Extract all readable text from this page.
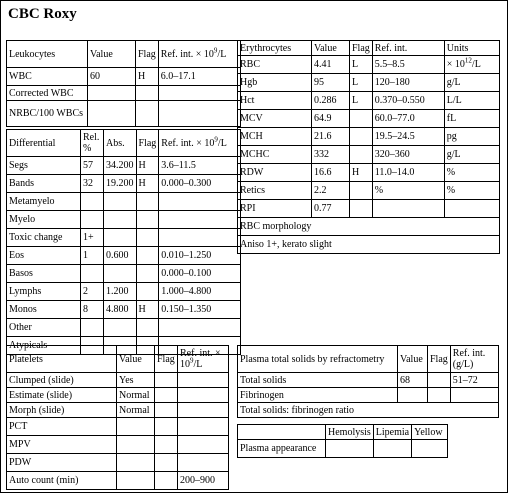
CBC Roxy
Leukocytes	Value	Flag	Ref. int. × $10^9/L$
WBC	60	H	6.0–17.1
Corrected WBC			
NRBC/100 WBCs			
Differential	Rel. %	Abs.	Flag	Ref. int. × $10^9/L$
Segs	57	34.200	H	3.6–11.5
Bands	32	19.200	H	0.000–0.300
Metamyelo				
Myelo				
Toxic change	1+			
Eos	1	0.600		0.010–1.250
Basos				0.000–0.100
Lymphs	2	1.200		1.000–4.800
Monos	8	4.800	H	0.150–1.350
Other				
Atypicals				
Erythrocytes	Value	Flag	Ref. int.	Units
RBC	4.41	L	5.5–8.5	× $10^{12}/L$
Hgb	95	L	120–180	g/L
Hct	0.286	L	0.370–0.550	L/L
MCV	64.9		60.0–77.0	fL
MCH	21.6		19.5–24.5	pg
MCHC	332		320–360	g/L
RDW	16.6	H	11.0–14.0	%
Retics	2.2		%	%
RPI	0.77			
RBC morphology				
Aniso 1+, kerato slight				
Platelets	Value	Flag	Ref. int. × $10^9/L$
Clumped (slide)	Yes		
Estimate (slide)	Normal		
Morph (slide)	Normal		
PCT			
MPV			
PDW			
Auto count (min)			200–900
Plasma total solids by refractometry	Value	Flag	Ref. int. (g/L)
Total solids	68		51–72
Fibrinogen			
Total solids: fibrinogen ratio			
	Hemolysis	Lipemia	Yellow
Plasma appearance			
